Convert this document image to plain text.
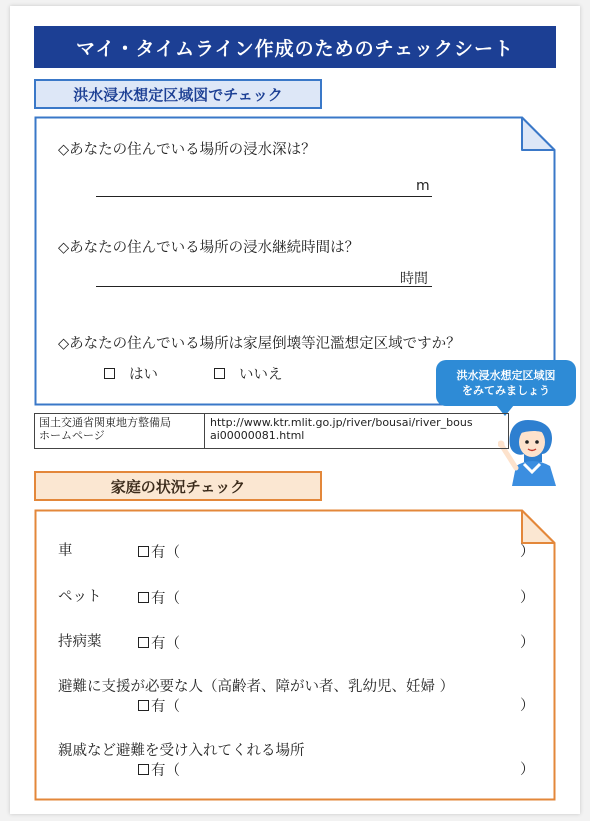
マイ・タイムライン作成のためのチェックシート
洪水浸水想定区域図でチェック
◇あなたの住んでいる場所の浸水深は？
m
◇あなたの住んでいる場所の浸水継続時間は？
時間
◇あなたの住んでいる場所は家屋倒壊等氾濫想定区域ですか？
はい	いいえ	洪水浸水想定区域図
をみてみましょう
国土交通省関東地方整備局
ホームページ
http://www.ktr.mlit.go.jp/river/bousai/river_bous
ai00000081.html
家庭の状況チェック
車	有（	）
ペット	有（	）
持病薬	有（	）
避難に支援が必要な人（高齢者、障がい者、乳幼児、妊婦 ）
有（	）
親戚など避難を受け入れてくれる場所
有（	）
